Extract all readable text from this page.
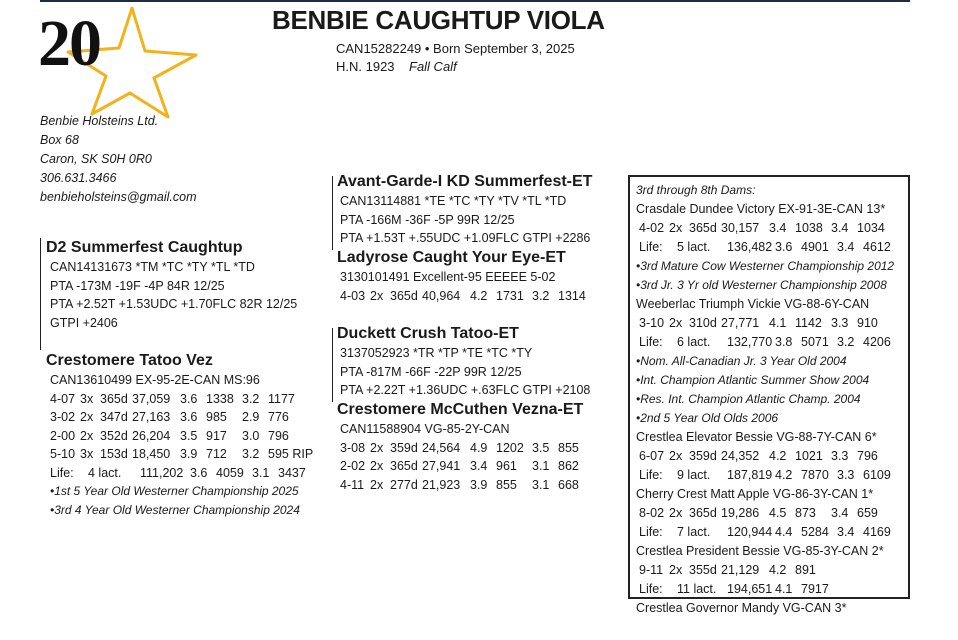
20	BENBIE CAUGHTUP VIOLA
CAN15282249 • Born September 3, 2025
H.N. 1923 Fall Calf
Benbie Holsteins Ltd.
Box 68
Caron, SK S0H 0R0
306.631.3466
benbieholsteins@gmail.com
D2 Summerfest Caughtup
CAN14131673 *TM *TC *TY *TL *TD
PTA -173M -19F -4P 84R 12/25
PTA +2.52T +1.53UDC +1.70FLC 82R 12/25
GTPI +2406
Crestomere Tatoo Vez
CAN13610499 EX-95-2E-CAN MS:96
4-07 3x 365d 37,059 3.6 1338 3.2 1177
3-02 2x 347d 27,163 3.6 985 2.9 776
2-00 2x 352d 26,204 3.5 917 3.0 796
5-10 3x 153d 18,450 3.9 712 3.2 595 RIP
Life: 4 lact. 111,202 3.6 4059 3.1 3437
•1st 5 Year Old Westerner Championship 2025
•3rd 4 Year Old Westerner Championship 2024
Avant-Garde-I KD Summerfest-ET
CAN13114881 *TE *TC *TY *TV *TL *TD
PTA -166M -36F -5P 99R 12/25
PTA +1.53T +.55UDC +1.09FLC GTPI +2286
Ladyrose Caught Your Eye-ET
3130101491 Excellent-95 EEEEE 5-02
4-03 2x 365d 40,964 4.2 1731 3.2 1314
Duckett Crush Tatoo-ET
3137052923 *TR *TP *TE *TC *TY
PTA -817M -66F -22P 99R 12/25
PTA +2.22T +1.36UDC +.63FLC GTPI +2108
Crestomere McCuthen Vezna-ET
CAN11588904 VG-85-2Y-CAN
3-08 2x 359d 24,564 4.9 1202 3.5 855
2-02 2x 365d 27,941 3.4 961 3.1 862
4-11 2x 277d 21,923 3.9 855 3.1 668
3rd through 8th Dams:
Crasdale Dundee Victory EX-91-3E-CAN 13*
4-02 2x 365d 30,157 3.4 1038 3.4 1034
Life: 5 lact. 136,482 3.6 4901 3.4 4612
•3rd Mature Cow Westerner Championship 2012
•3rd Jr. 3 Yr old Westerner Championship 2008
Weeberlac Triumph Vickie VG-88-6Y-CAN
3-10 2x 310d 27,771 4.1 1142 3.3 910
Life: 6 lact. 132,770 3.8 5071 3.2 4206
•Nom. All-Canadian Jr. 3 Year Old 2004
•Int. Champion Atlantic Summer Show 2004
•Res. Int. Champion Atlantic Champ. 2004
•2nd 5 Year Old Olds 2006
Crestlea Elevator Bessie VG-88-7Y-CAN 6*
6-07 2x 359d 24,352 4.2 1021 3.3 796
Life: 9 lact. 187,819 4.2 7870 3.3 6109
Cherry Crest Matt Apple VG-86-3Y-CAN 1*
8-02 2x 365d 19,286 4.5 873 3.4 659
Life: 7 lact. 120,944 4.4 5284 3.4 4169
Crestlea President Bessie VG-85-3Y-CAN 2*
9-11 2x 355d 21,129 4.2 891
Life: 11 lact. 194,651 4.1 7917
Crestlea Governor Mandy VG-CAN 3*
